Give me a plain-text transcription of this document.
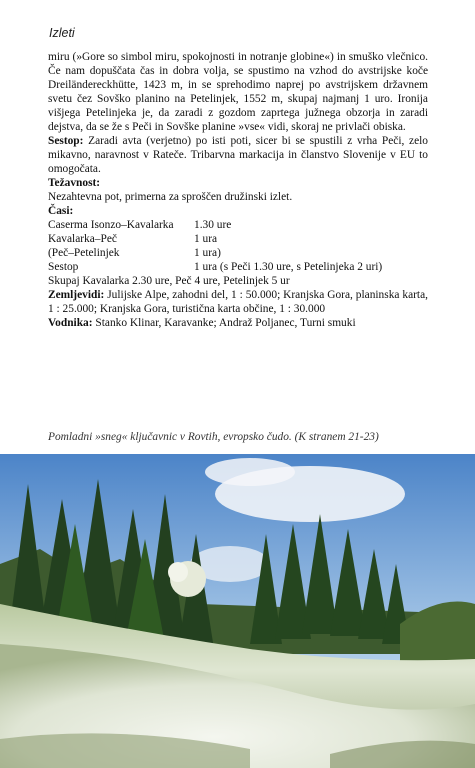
Izleti

miru (»Gore so simbol miru, spokojnosti in notranje globine«) in smuško vlečnico. Če nam dopuščata čas in dobra volja, se spustimo na vzhod do avstrijske koče Dreiländereckhütte, 1423 m, in se sprehodimo naprej po avstrijskem državnem svetu čez Sovško planino na Petelinjek, 1552 m, skupaj najmanj 1 uro. Ironija višjega Petelinjeka je, da zaradi z gozdom zaprtega južnega obzorja in zaradi dejstva, da se že s Peči in Sovške planine »vse« vidi, skoraj ne privlači obiska.

Sestop: Zaradi avta (verjetno) po isti poti, sicer bi se spustili z vrha Peči, zelo mikavno, naravnost v Rateče. Tribarvna markacija in članstvo Slovenije v EU to omogočata.

Težavnost:

Nezahtevna pot, primerna za sproščen družinski izlet.

Časi:

Caserma Isonzo–Kavalarka	1.30 ure
Kavalarka–Peč	1 ura
(Peč–Petelinjek	1 ura)
Sestop	1 ura (s Peči 1.30 ure, s Petelinjeka 2 uri)

Skupaj Kavalarka 2.30 ure, Peč 4 ure, Petelinjek 5 ur

Zemljevidi: Julijske Alpe, zahodni del, 1 : 50.000; Kranjska Gora, planinska karta, 1 : 25.000; Kranjska Gora, turistična karta občine, 1 : 30.000

Vodnika: Stanko Klinar, Karavanke; Andraž Poljanec, Turni smuki

Pomladni »sneg« ključavnic v Rovtih, evropsko čudo. (K stranem 21-23)
